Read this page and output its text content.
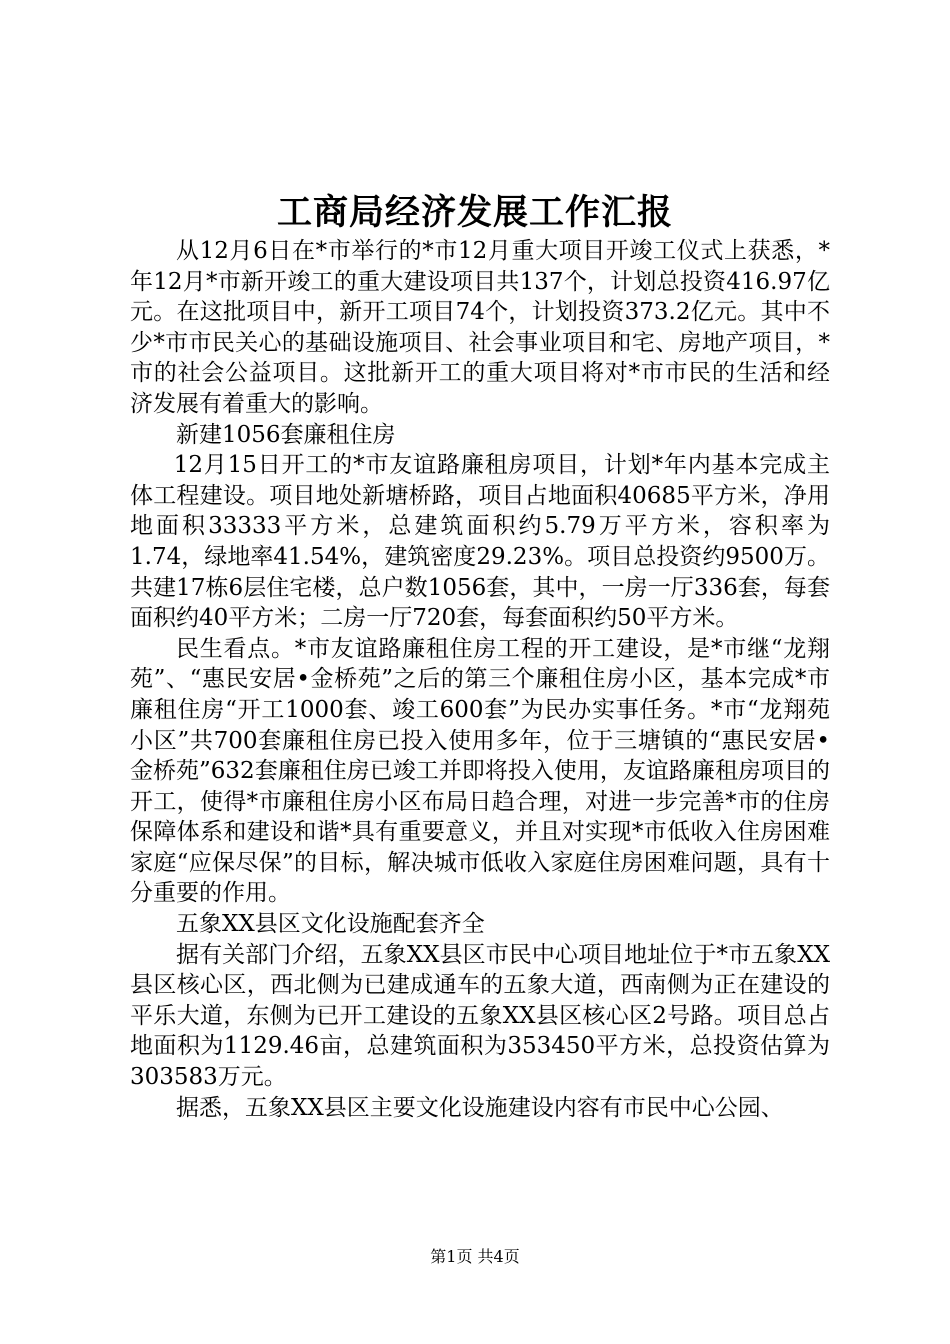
工商局经济发展工作汇报

从12月6日在*市举行的*市12月重大项目开竣工仪式上获悉，*年12月*市新开竣工的重大建设项目共137个，计划总投资416.97亿元。在这批项目中，新开工项目74个，计划投资373.2亿元。其中不少*市市民关心的基础设施项目、社会事业项目和宅、房地产项目，*市的社会公益项目。这批新开工的重大项目将对*市市民的生活和经济发展有着重大的影响。

新建1056套廉租住房

12月15日开工的*市友谊路廉租房项目，计划*年内基本完成主体工程建设。项目地处新塘桥路，项目占地面积40685平方米，净用地面积33333平方米，总建筑面积约5.79万平方米，容积率为1.74，绿地率41.54%，建筑密度29.23%。项目总投资约9500万。共建17栋6层住宅楼，总户数1056套，其中，一房一厅336套，每套面积约40平方米；二房一厅720套，每套面积约50平方米。

民生看点。*市友谊路廉租住房工程的开工建设，是*市继“龙翔苑”、“惠民安居•金桥苑”之后的第三个廉租住房小区，基本完成*市廉租住房“开工1000套、竣工600套”为民办实事任务。*市“龙翔苑小区”共700套廉租住房已投入使用多年，位于三塘镇的“惠民安居•金桥苑”632套廉租住房已竣工并即将投入使用，友谊路廉租房项目的开工，使得*市廉租住房小区布局日趋合理，对进一步完善*市的住房保障体系和建设和谐*具有重要意义，并且对实现*市低收入住房困难家庭“应保尽保”的目标，解决城市低收入家庭住房困难问题，具有十分重要的作用。

五象XX县区文化设施配套齐全

据有关部门介绍，五象XX县区市民中心项目地址位于*市五象XX县区核心区，西北侧为已建成通车的五象大道，西南侧为正在建设的平乐大道，东侧为已开工建设的五象XX县区核心区2号路。项目总占地面积为1129.46亩，总建筑面积为353450平方米，总投资估算为303583万元。

据悉，五象XX县区主要文化设施建设内容有市民中心公园、

第1页 共4页
